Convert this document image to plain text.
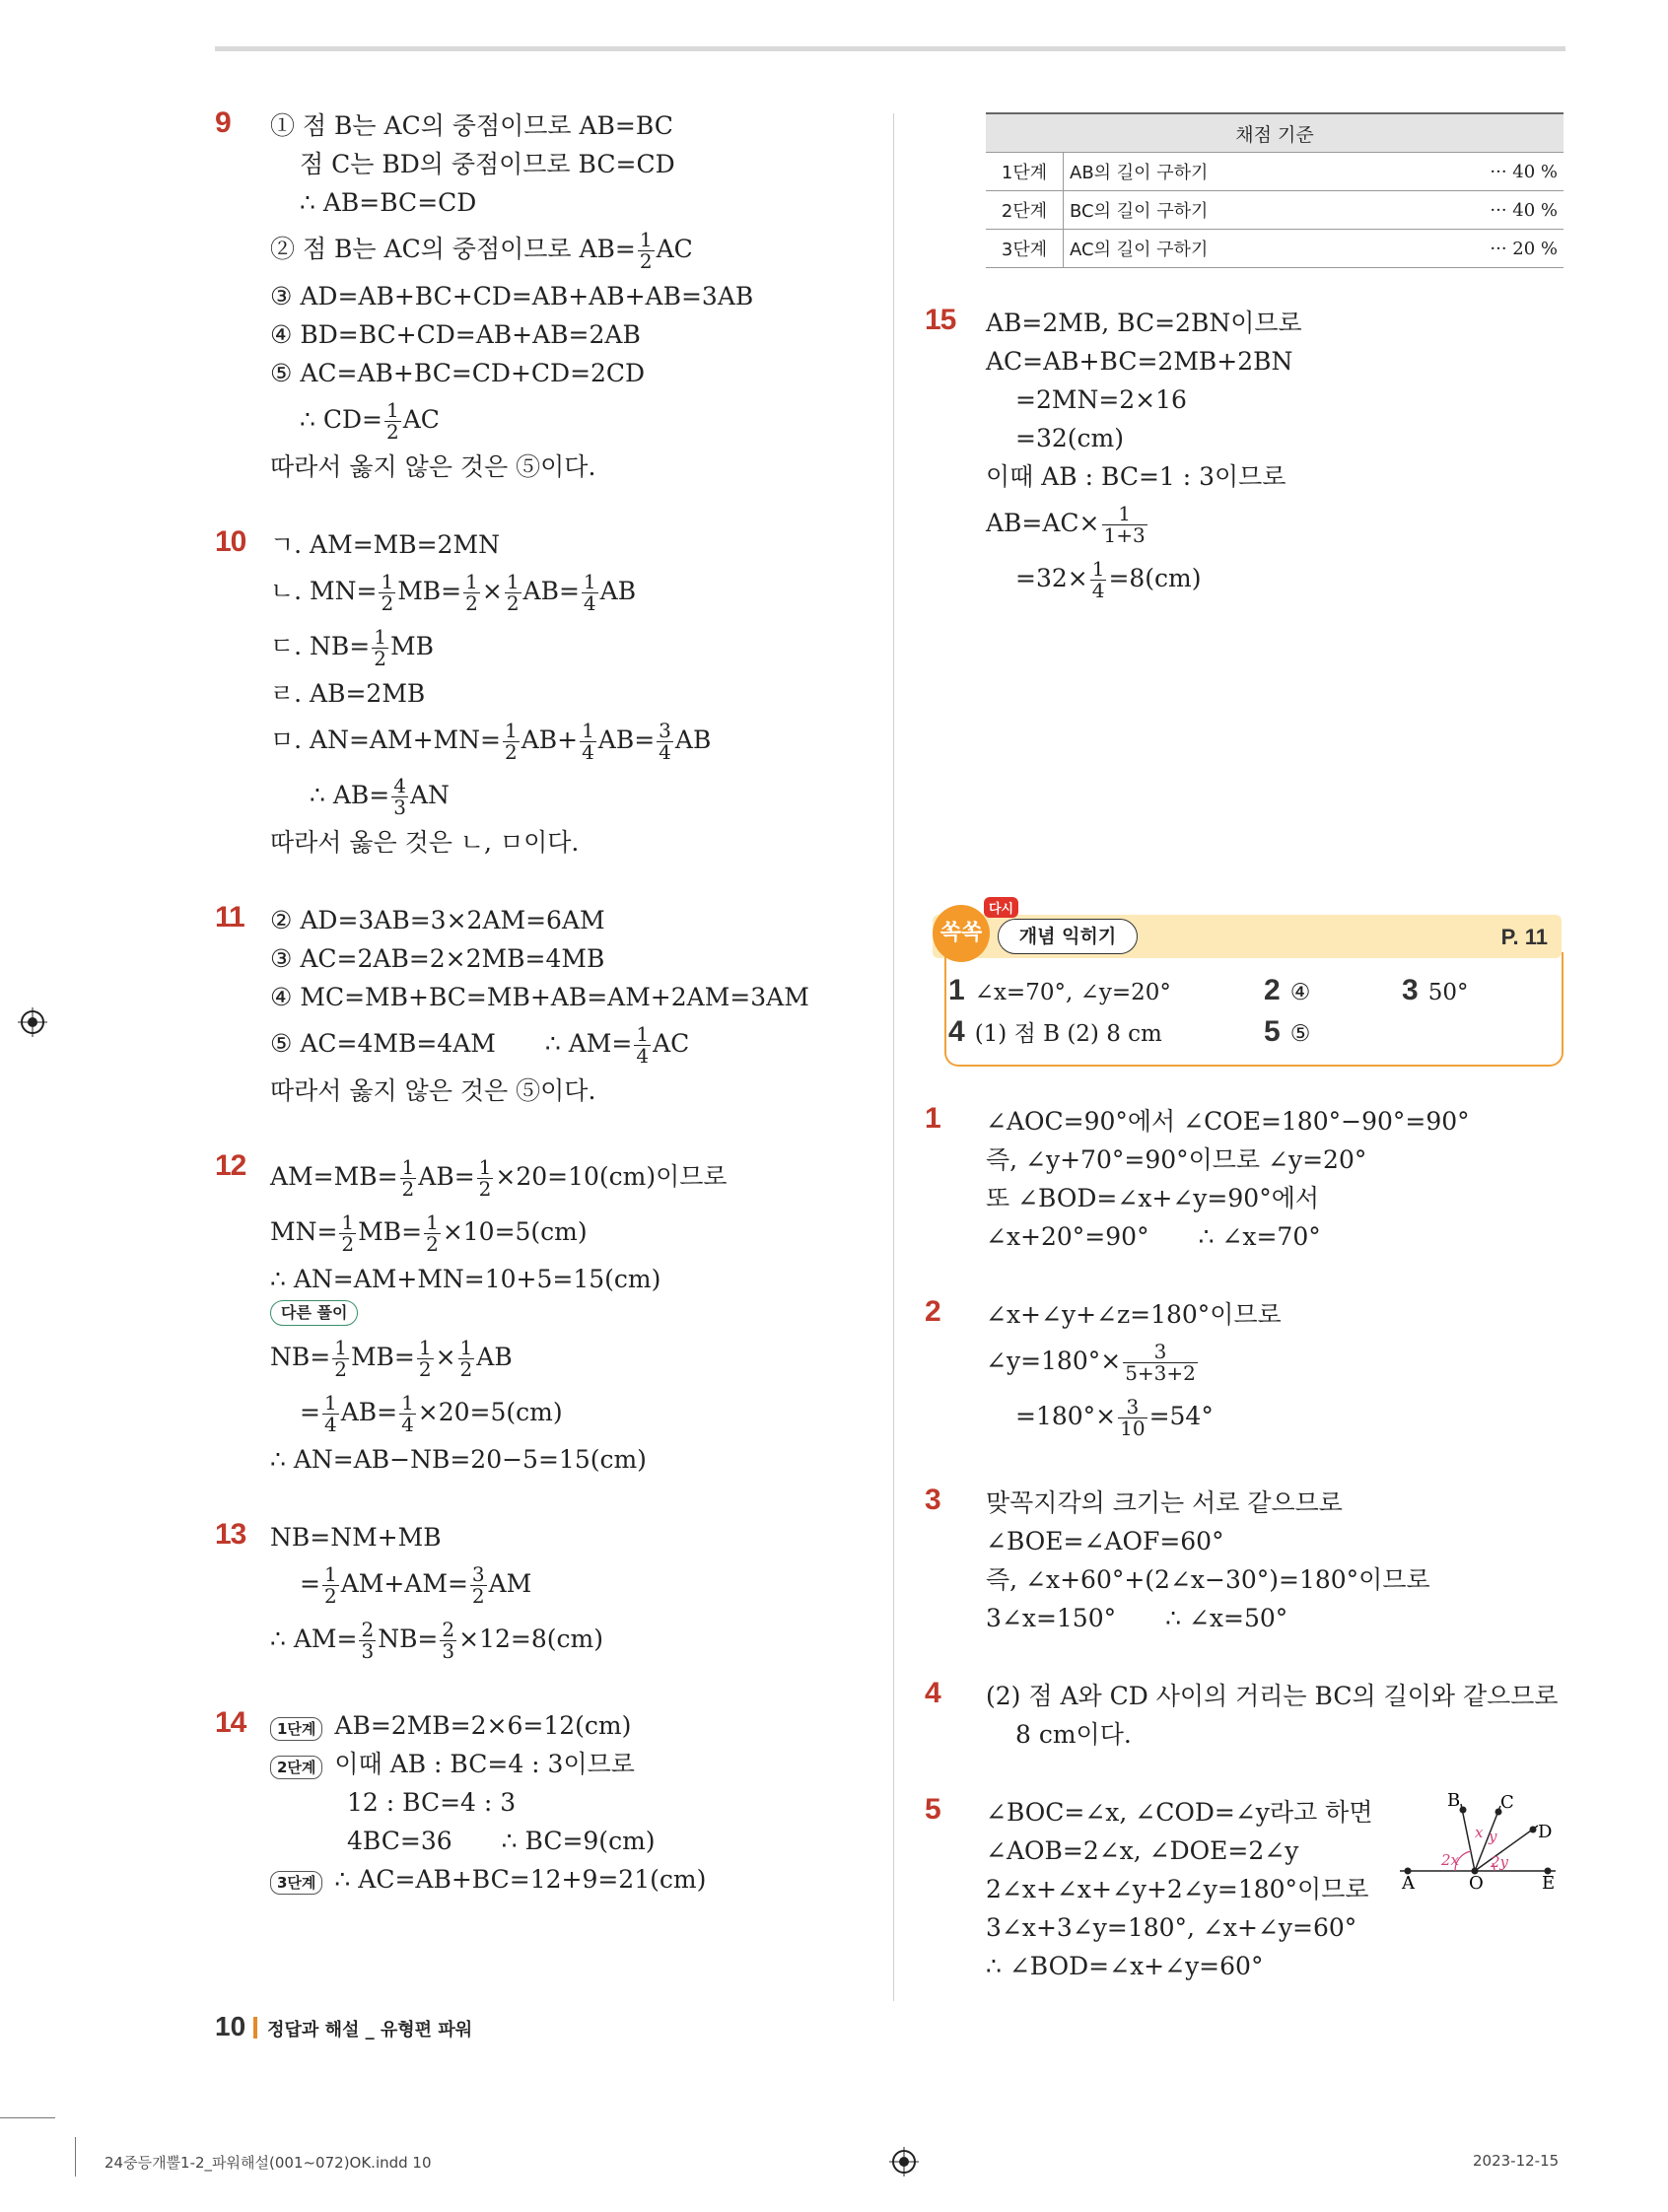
9 ① 점 B는 AC의 중점이므로 AB=BC
점 C는 BD의 중점이므로 BC=CD
∴ AB=BC=CD
② 점 B는 AC의 중점이므로 $AB= \frac{1}{2}$ AC
③ AD=AB+BC+CD=AB+AB+AB=3AB
④ BD=BC+CD=AB+AB=2AB
⑤ AC=AB+BC=CD+CD=2CD
∴ $CD= \frac{1}{2}$ AC
따라서 옳지 않은 것은 ⑤이다.
10 ㄱ. AM=MB=2MN
ㄴ. $MN= \frac{1}{2} MB= \frac{1}{2} \times \frac{1}{2} AB= \frac{1}{4}$ AB
ㄷ. $NB= \frac{1}{2}$ MB
ㄹ. AB=2MB
ㅁ. $AN=AM+MN= \frac{1}{2} AB+ \frac{1}{4} AB= \frac{3}{4}$ AB
∴ $AB= \frac{4}{3}$ AN
따라서 옳은 것은 ㄴ, ㅁ이다.
11 ② AD=3AB=3×2AM=6AM
③ AC=2AB=2×2MB=4MB
④ MC=MB+BC=MB+AB=AM+2AM=3AM
⑤ AC=4MB=4AM ∴ $AM= \frac{1}{4}$ AC
따라서 옳지 않은 것은 ⑤이다.
12 $AM=MB= \frac{1}{2} AB= \frac{1}{2} \times 20=10(cm)$이므로
$MN= \frac{1}{2} MB= \frac{1}{2} \times 10=5(cm)$
∴ AN=AM+MN=10+5=15(cm)
다른 풀이
$NB= \frac{1}{2} MB= \frac{1}{2} \times \frac{1}{2}$ AB
= $\frac{1}{4} AB= \frac{1}{4} \times 20=5(cm)$
∴ AN=AB−NB=20−5=15(cm)
13 NB=NM+MB
= $\frac{1}{2} AM+AM= \frac{3}{2}$ AM
∴ $AM= \frac{2}{3} NB= \frac{2}{3} \times 12=8(cm)$
14	1단계 AB=2MB=2×6=12(cm)
2단계 이때 AB : BC=4 : 3이므로
12 : BC=4 : 3
4BC=36 ∴ BC=9(cm)
3단계 ∴ AC=AB+BC=12+9=21(cm)
채점 기준		
1단계	AB의 길이 구하기	··· 40 %
2단계	BC의 길이 구하기	··· 40 %
3단계	AC의 길이 구하기	··· 20 %
15 AB=2MB, BC=2BN이므로
AC=AB+BC=2MB+2BN
=2MN=2×16
=32(cm)
이때 AB : BC=1 : 3이므로
$AB=AC\times \frac{1}{1+3}$
$=32\times \frac{1}{4} =8(cm)$
쏙쏙
다시
개념 익히기	P. 11
1 ∠x=70°, ∠y=20°	2 ④	3 50°
4 (1) 점 B (2) 8 cm	5 ⑤
1 ∠AOC=90°에서 ∠COE=180°−90°=90°
즉, ∠y+70°=90°이므로 ∠y=20°
또 ∠BOD=∠x+∠y=90°에서
∠x+20°=90° ∴ ∠x=70°
2 ∠x+∠y+∠z=180°이므로
∠y=180°× $\frac{3}{5+3+2}$
$=180^\circ\times \frac{3}{10} =54^\circ$
3 맞꼭지각의 크기는 서로 같으므로
∠BOE=∠AOF=60°
즉, ∠x+60°+(2∠x−30°)=180°이므로
3∠x=150° ∴ ∠x=50°
4 (2) 점 A와 CD 사이의 거리는 BC의 길이와 같으므로
8 cm이다.
5 ∠BOC=∠x, ∠COD=∠y라고 하면
∠AOB=2∠x, ∠DOE=2∠y
2∠x+∠x+∠y+2∠y=180°이므로
3∠x+3∠y=180°, ∠x+∠y=60°
∴ ∠BOD=∠x+∠y=60°
A	O	E
B C
D
x y
2x 2y
10 정답과 해설 _ 유형편 파워
24중등개뿔1-2_파워해설(001~072)OK.indd 10	2023-12-15
